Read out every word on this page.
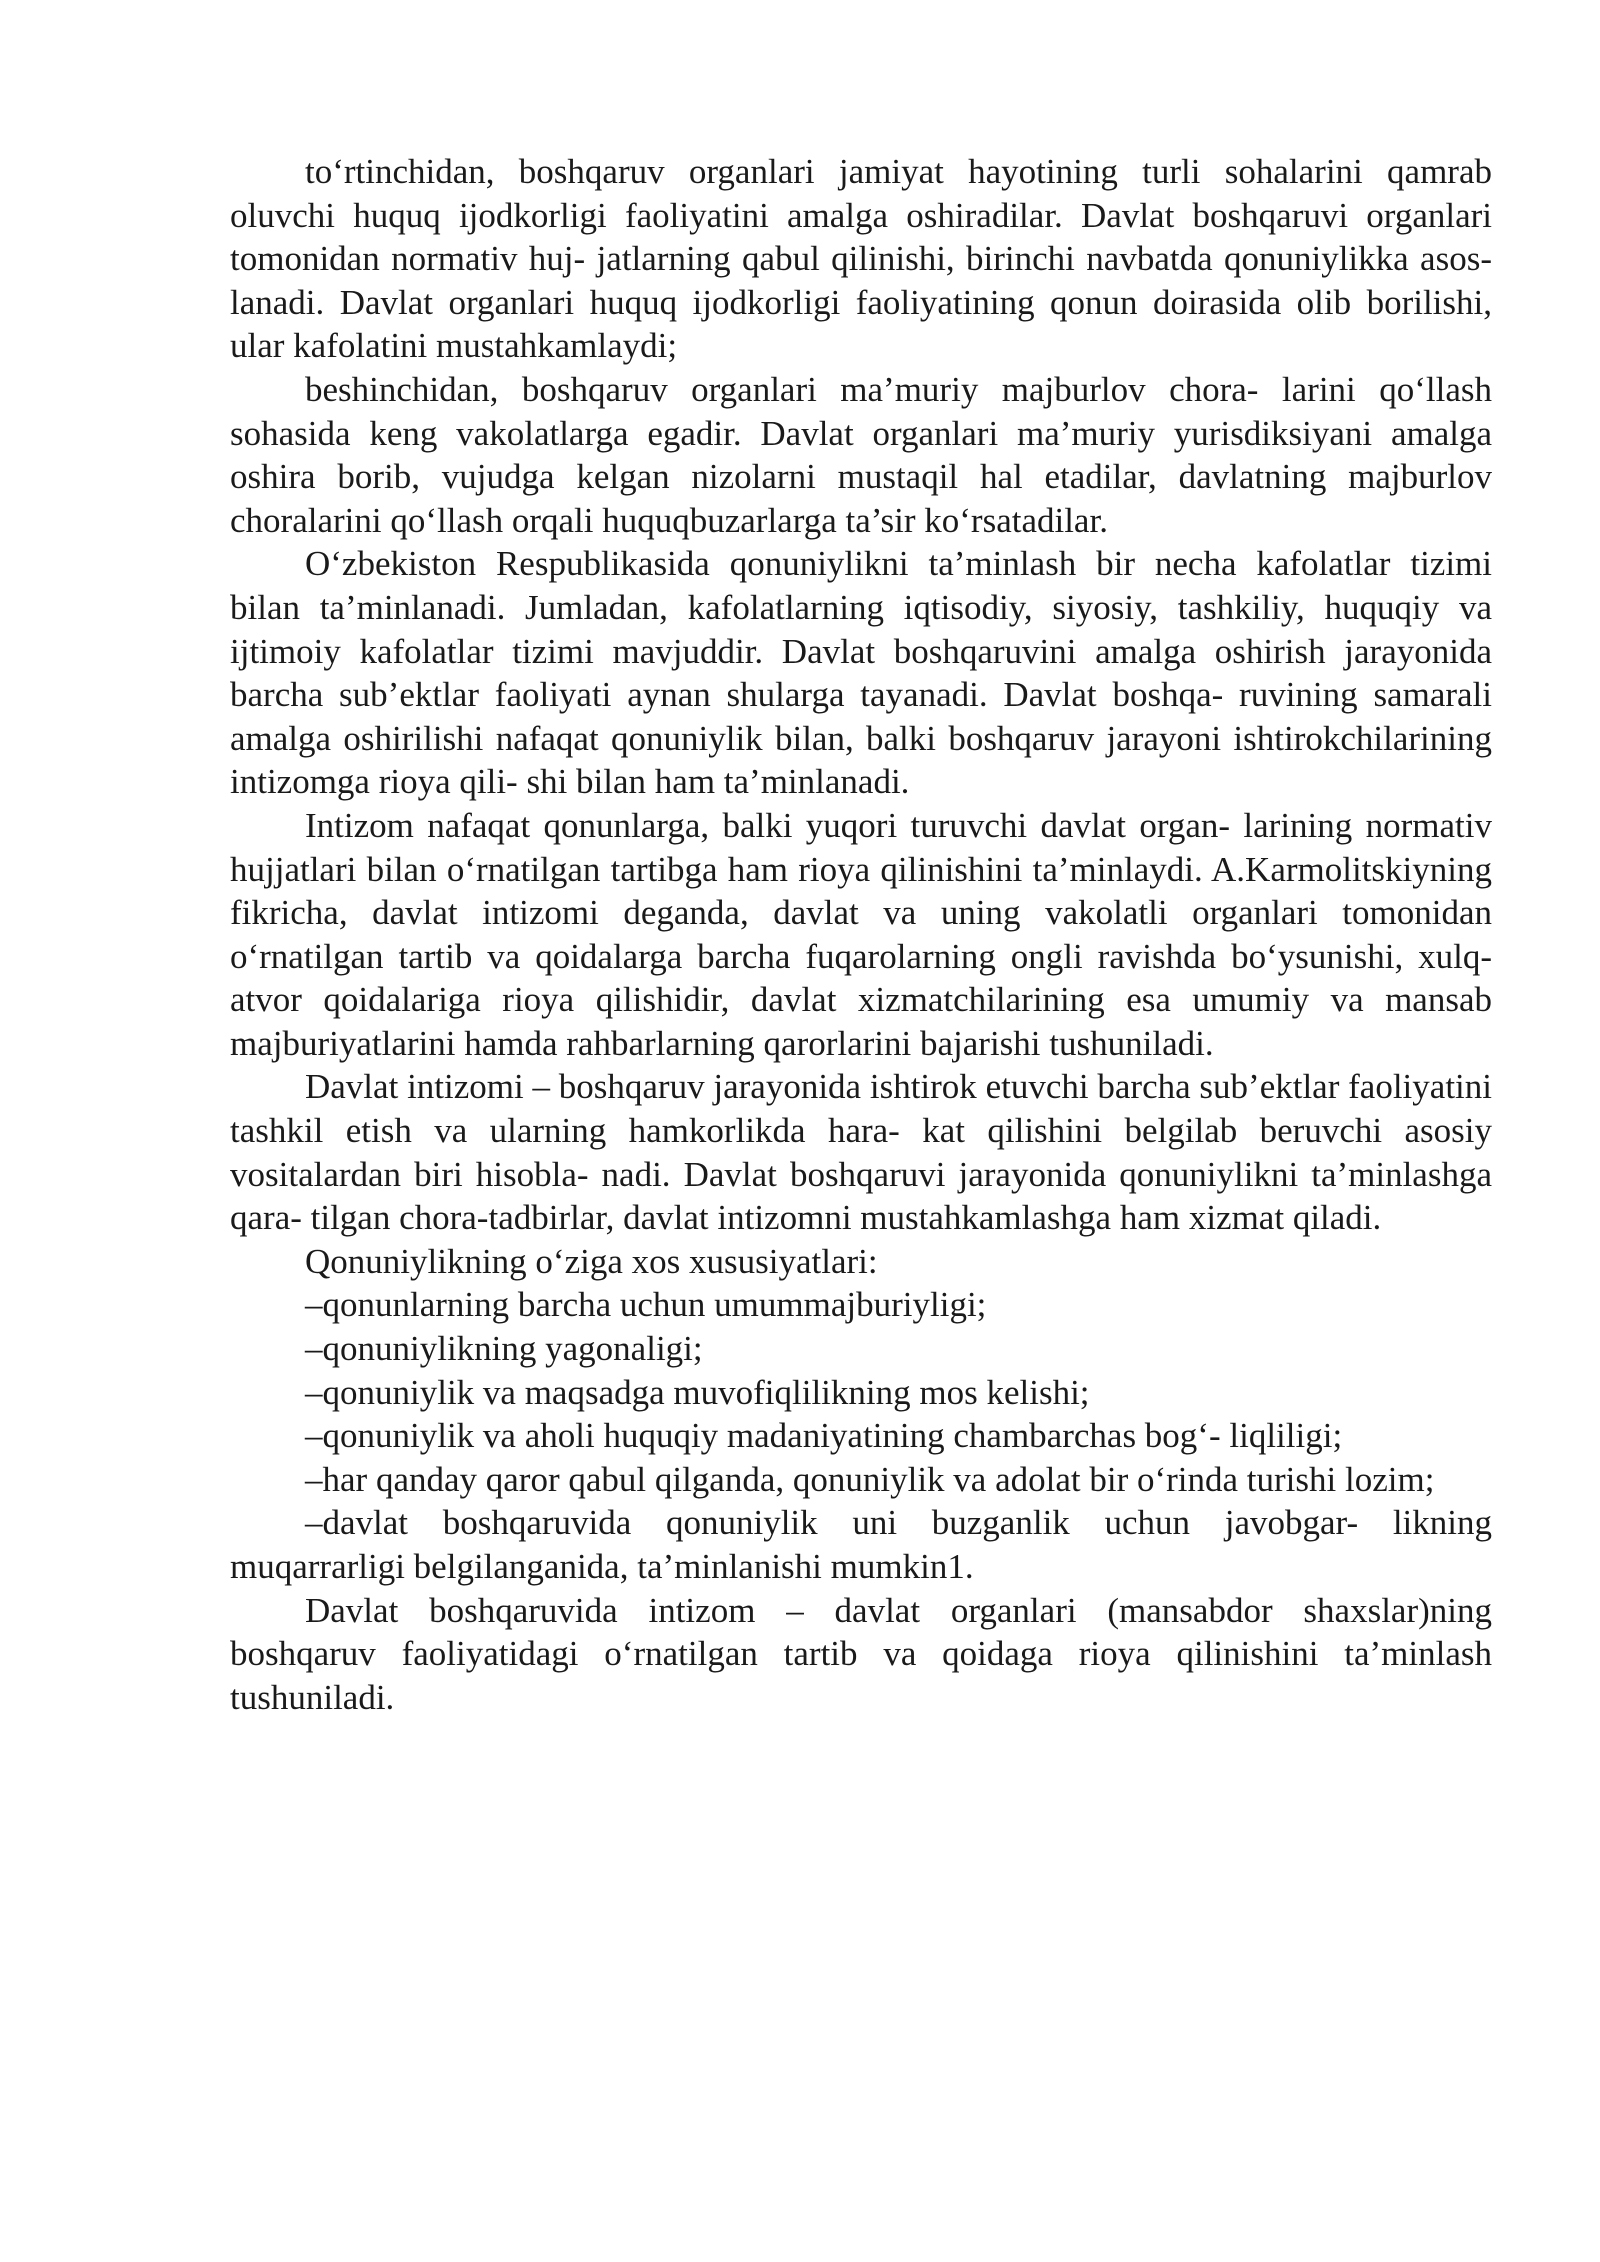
to‘rtinchidan, boshqaruv organlari jamiyat hayotining turli sohalarini qamrab oluvchi huquq ijodkorligi faoliyatini amalga oshiradilar. Davlat boshqaruvi organlari tomonidan normativ huj- jatlarning qabul qilinishi, birinchi navbatda qonuniylikka asos- lanadi. Davlat organlari huquq ijodkorligi faoliyatining qonun doirasida olib borilishi, ular kafolatini mustahkamlaydi;

beshinchidan, boshqaruv organlari ma’muriy majburlov chora- larini qo‘llash sohasida keng vakolatlarga egadir. Davlat organlari ma’muriy yurisdiksiyani amalga oshira borib, vujudga kelgan nizolarni mustaqil hal etadilar, davlatning majburlov choralarini qo‘llash orqali huquqbuzarlarga ta’sir ko‘rsatadilar.

O‘zbekiston Respublikasida qonuniylikni ta’minlash bir necha kafolatlar tizimi bilan ta’minlanadi. Jumladan, kafolatlarning iqtisodiy, siyosiy, tashkiliy, huquqiy va ijtimoiy kafolatlar tizimi mavjuddir. Davlat boshqaruvini amalga oshirish jarayonida barcha sub’ektlar faoliyati aynan shularga tayanadi. Davlat boshqa- ruvining samarali amalga oshirilishi nafaqat qonuniylik bilan, balki boshqaruv jarayoni ishtirokchilarining intizomga rioya qili- shi bilan ham ta’minlanadi.

Intizom nafaqat qonunlarga, balki yuqori turuvchi davlat organ- larining normativ hujjatlari bilan o‘rnatilgan tartibga ham rioya qilinishini ta’minlaydi. A.Karmolitskiyning fikricha, davlat intizomi deganda, davlat va uning vakolatli organlari tomonidan o‘rnatilgan tartib va qoidalarga barcha fuqarolarning ongli ravishda bo‘ysunishi, xulq-atvor qoidalariga rioya qilishidir, davlat xizmatchilarining esa umumiy va mansab majburiyatlarini hamda rahbarlarning qarorlarini bajarishi tushuniladi.

Davlat intizomi – boshqaruv jarayonida ishtirok etuvchi barcha sub’ektlar faoliyatini tashkil etish va ularning hamkorlikda hara- kat qilishini belgilab beruvchi asosiy vositalardan biri hisobla- nadi. Davlat boshqaruvi jarayonida qonuniylikni ta’minlashga qara- tilgan chora-tadbirlar, davlat intizomni mustahkamlashga ham xizmat qiladi.

Qonuniylikning o‘ziga xos xususiyatlari:

–qonunlarning barcha uchun umummajburiyligi;

–qonuniylikning yagonaligi;

–qonuniylik va maqsadga muvofiqlilikning mos kelishi;

–qonuniylik va aholi huquqiy madaniyatining chambarchas bog‘- liqliligi;

–har qanday qaror qabul qilganda, qonuniylik va adolat bir o‘rinda turishi lozim;

–davlat boshqaruvida qonuniylik uni buzganlik uchun javobgar- likning muqarrarligi belgilanganida, ta’minlanishi mumkin1.

Davlat boshqaruvida intizom – davlat organlari (mansabdor shaxslar)ning boshqaruv faoliyatidagi o‘rnatilgan tartib va qoidaga rioya qilinishini ta’minlash tushuniladi.
